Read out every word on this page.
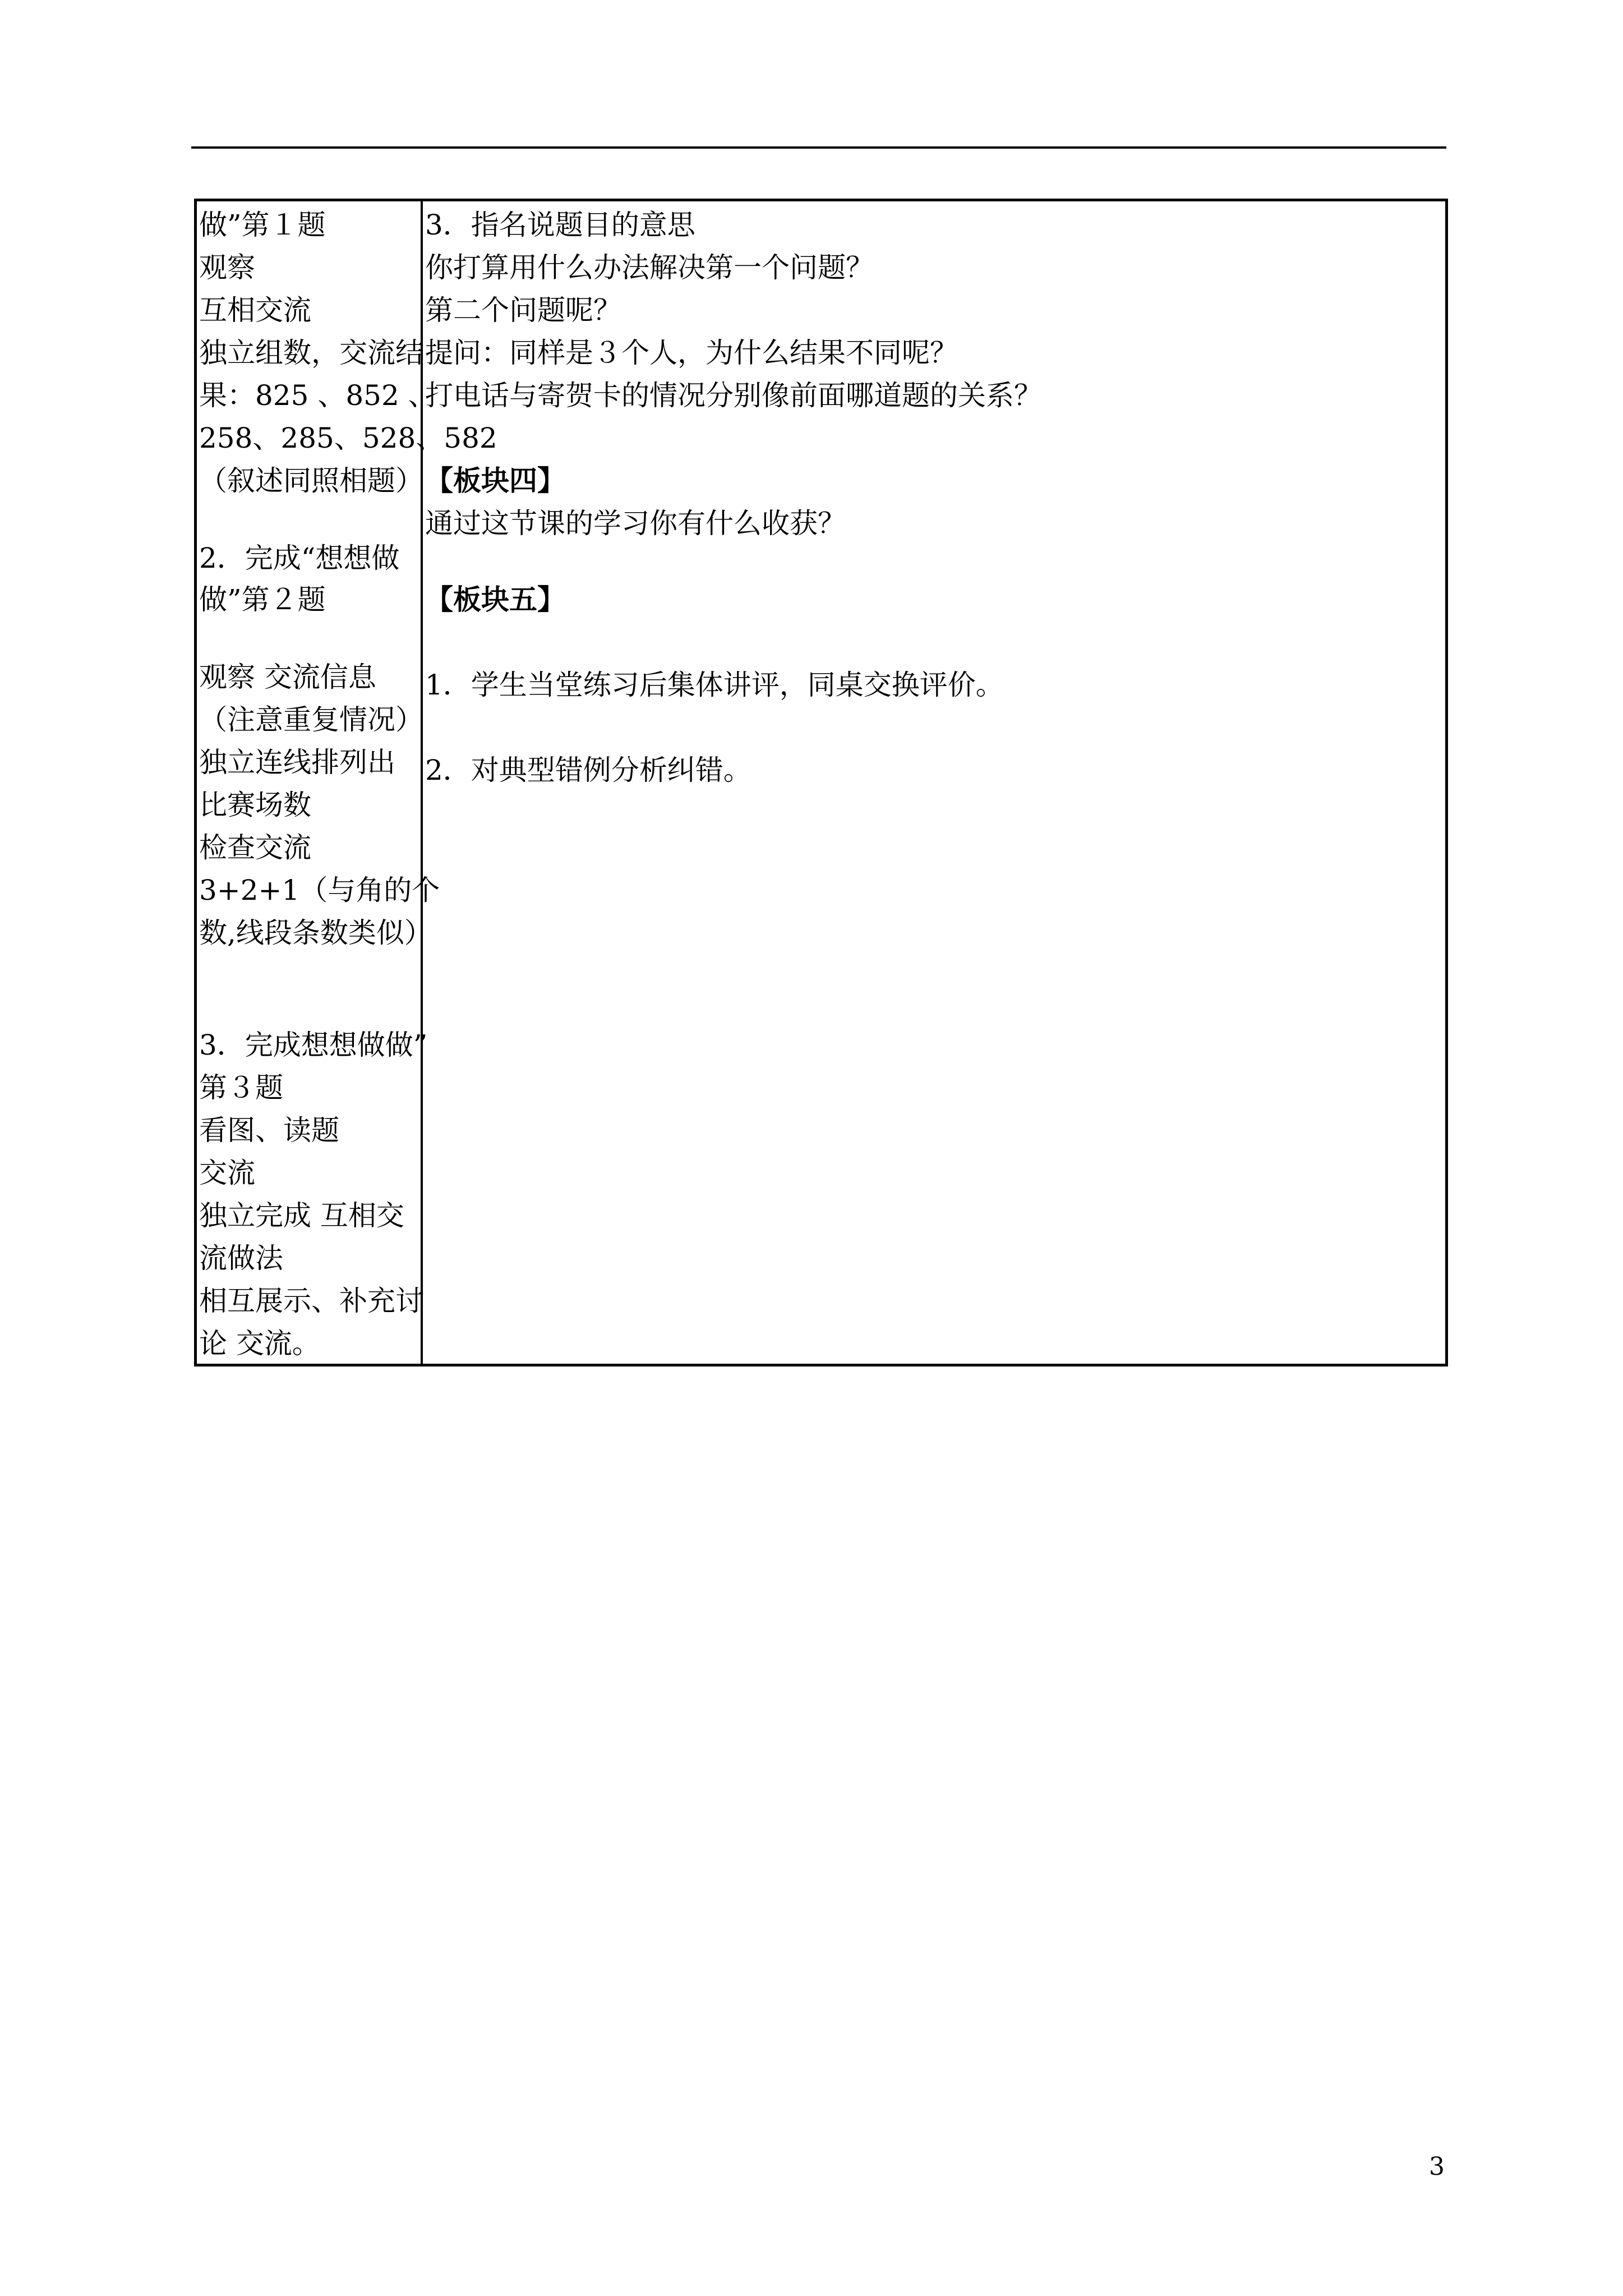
做”第１题
观察
互相交流
独立组数，交流结
果：825 、852 、
258、285、528、582
（叙述同照相题）
2．完成“想想做
做”第２题
观察 交流信息
（注意重复情况）
独立连线排列出
比赛场数
检查交流
3+2+1（与角的个
数,线段条数类似）
3．完成想想做做”
第３题
看图、读题
交流
独立完成 互相交
流做法
相互展示、补充讨
论 交流。
3．指名说题目的意思
你打算用什么办法解决第一个问题？
第二个问题呢？
提问：同样是３个人，为什么结果不同呢？
打电话与寄贺卡的情况分别像前面哪道题的关系？
【板块四】
通过这节课的学习你有什么收获？
【板块五】
1．学生当堂练习后集体讲评，同桌交换评价。
2．对典型错例分析纠错。
3
